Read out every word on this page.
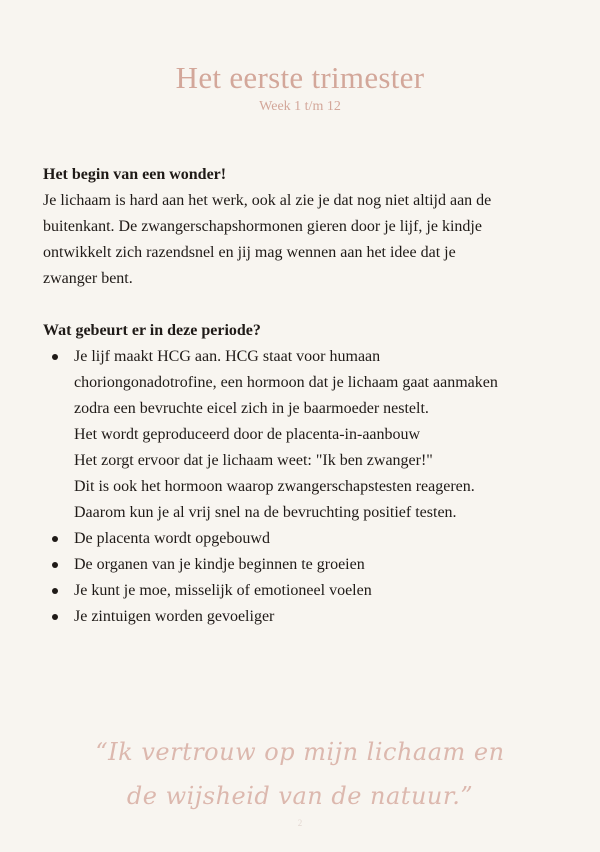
Het eerste trimester
Week 1 t/m 12

Het begin van een wonder!

Je lichaam is hard aan het werk, ook al zie je dat nog niet altijd aan de
buitenkant. De zwangerschapshormonen gieren door je lijf, je kindje
ontwikkelt zich razendsnel en jij mag wennen aan het idee dat je
zwanger bent.

Wat gebeurt er in deze periode?

Je lijf maakt HCG aan. HCG staat voor humaan
choriongonadotrofine, een hormoon dat je lichaam gaat aanmaken
zodra een bevruchte eicel zich in je baarmoeder nestelt.
Het wordt geproduceerd door de placenta-in-aanbouw
Het zorgt ervoor dat je lichaam weet: "Ik ben zwanger!"
Dit is ook het hormoon waarop zwangerschapstesten reageren.
Daarom kun je al vrij snel na de bevruchting positief testen.
De placenta wordt opgebouwd
De organen van je kindje beginnen te groeien
Je kunt je moe, misselijk of emotioneel voelen
Je zintuigen worden gevoeliger
“Ik vertrouw op mijn lichaam en
de wijsheid van de natuur.”
2
